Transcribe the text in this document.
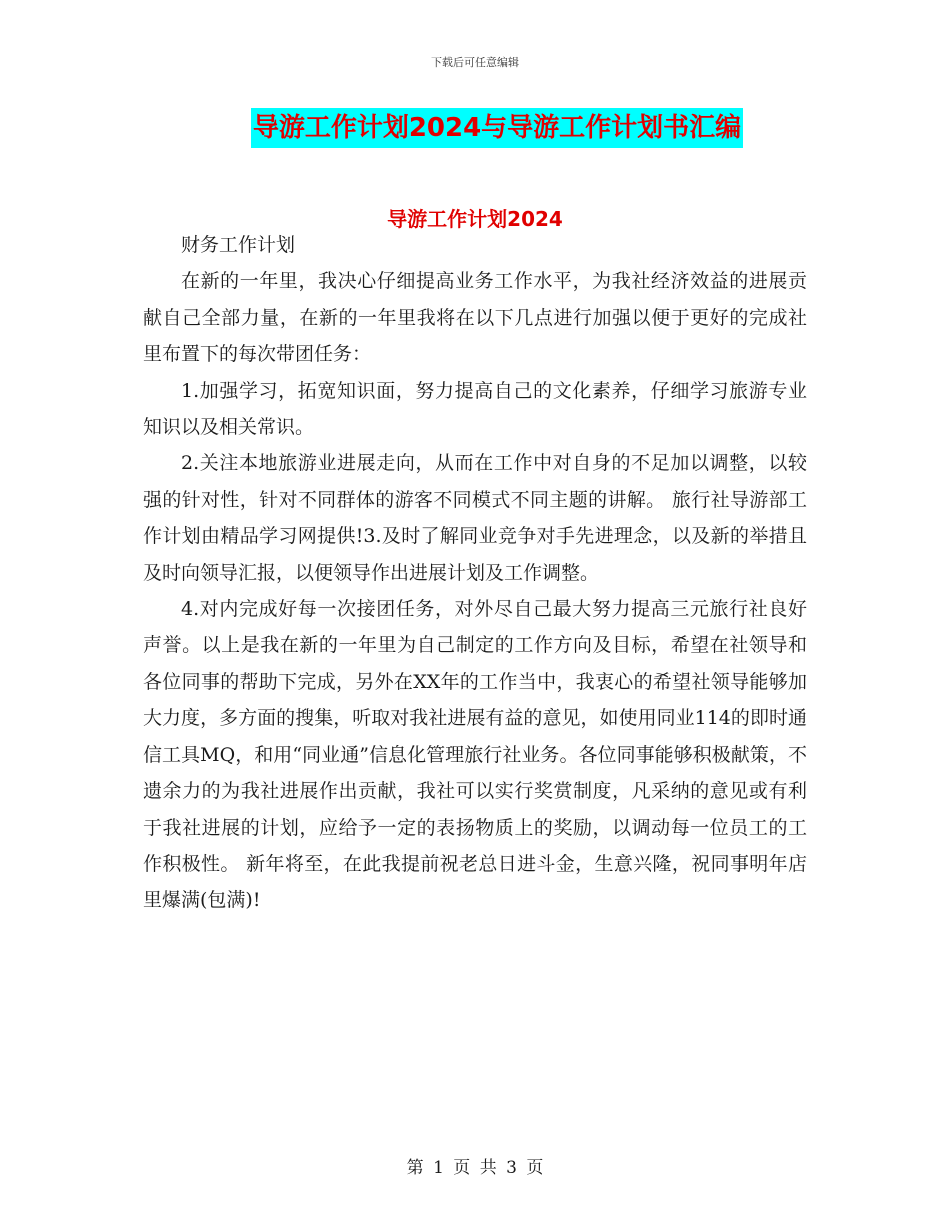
下载后可任意编辑
导游工作计划2024与导游工作计划书汇编
导游工作计划2024

财务工作计划

在新的一年里，我决心仔细提高业务工作水平，为我社经济效益的进展贡献自己全部力量，在新的一年里我将在以下几点进行加强以便于更好的完成社里布置下的每次带团任务：

1.加强学习，拓宽知识面，努力提高自己的文化素养，仔细学习旅游专业知识以及相关常识。

2.关注本地旅游业进展走向，从而在工作中对自身的不足加以调整，以较强的针对性，针对不同群体的游客不同模式不同主题的讲解。 旅行社导游部工作计划由精品学习网提供!3.及时了解同业竞争对手先进理念，以及新的举措且及时向领导汇报，以便领导作出进展计划及工作调整。

4.对内完成好每一次接团任务，对外尽自己最大努力提高三元旅行社良好声誉。以上是我在新的一年里为自己制定的工作方向及目标，希望在社领导和各位同事的帮助下完成，另外在XX年的工作当中，我衷心的希望社领导能够加大力度，多方面的搜集，听取对我社进展有益的意见，如使用同业114的即时通信工具MQ，和用“同业通”信息化管理旅行社业务。各位同事能够积极献策，不遗余力的为我社进展作出贡献，我社可以实行奖赏制度，凡采纳的意见或有利于我社进展的计划，应给予一定的表扬物质上的奖励，以调动每一位员工的工作积极性。 新年将至，在此我提前祝老总日进斗金，生意兴隆，祝同事明年店里爆满(包满)!

第 1 页 共 3 页
